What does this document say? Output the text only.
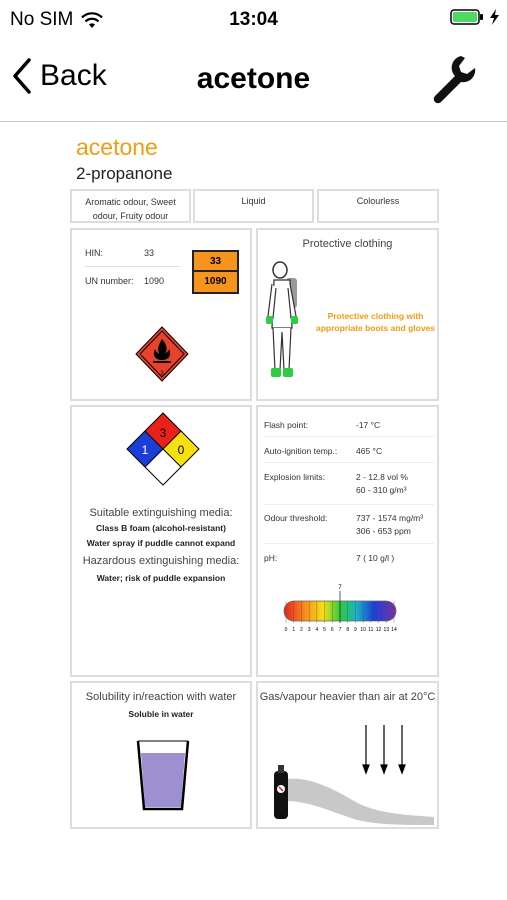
No SIM	13:04
Back	acetone
acetone
2-propanone
Aromatic odour, Sweet odour, Fruity odour
Liquid	Colourless
HIN:	33
UN number: 1090
33
1090
3
Protective clothing
Protective clothing with appropriate boots and gloves
3
1 0
Suitable extinguishing media:
Class B foam (alcohol-resistant)
Water spray if puddle cannot expand
Hazardous extinguishing media:
Water; risk of puddle expansion
Flash point:	-17 °C
Auto-ignition temp.: 465 °C
Explosion limits:	2 - 12.8 vol %
60 - 310 g/m³
Odour threshold:	737 - 1574 mg/m³
306 - 653 ppm
pH:	7 ( 10 g/l )
0 1 2 3 4 5 6 7 8 9 10 11 12 13 14
7
Solubility in/reaction with water
Soluble in water
Gas/vapour heavier than air at 20°C
